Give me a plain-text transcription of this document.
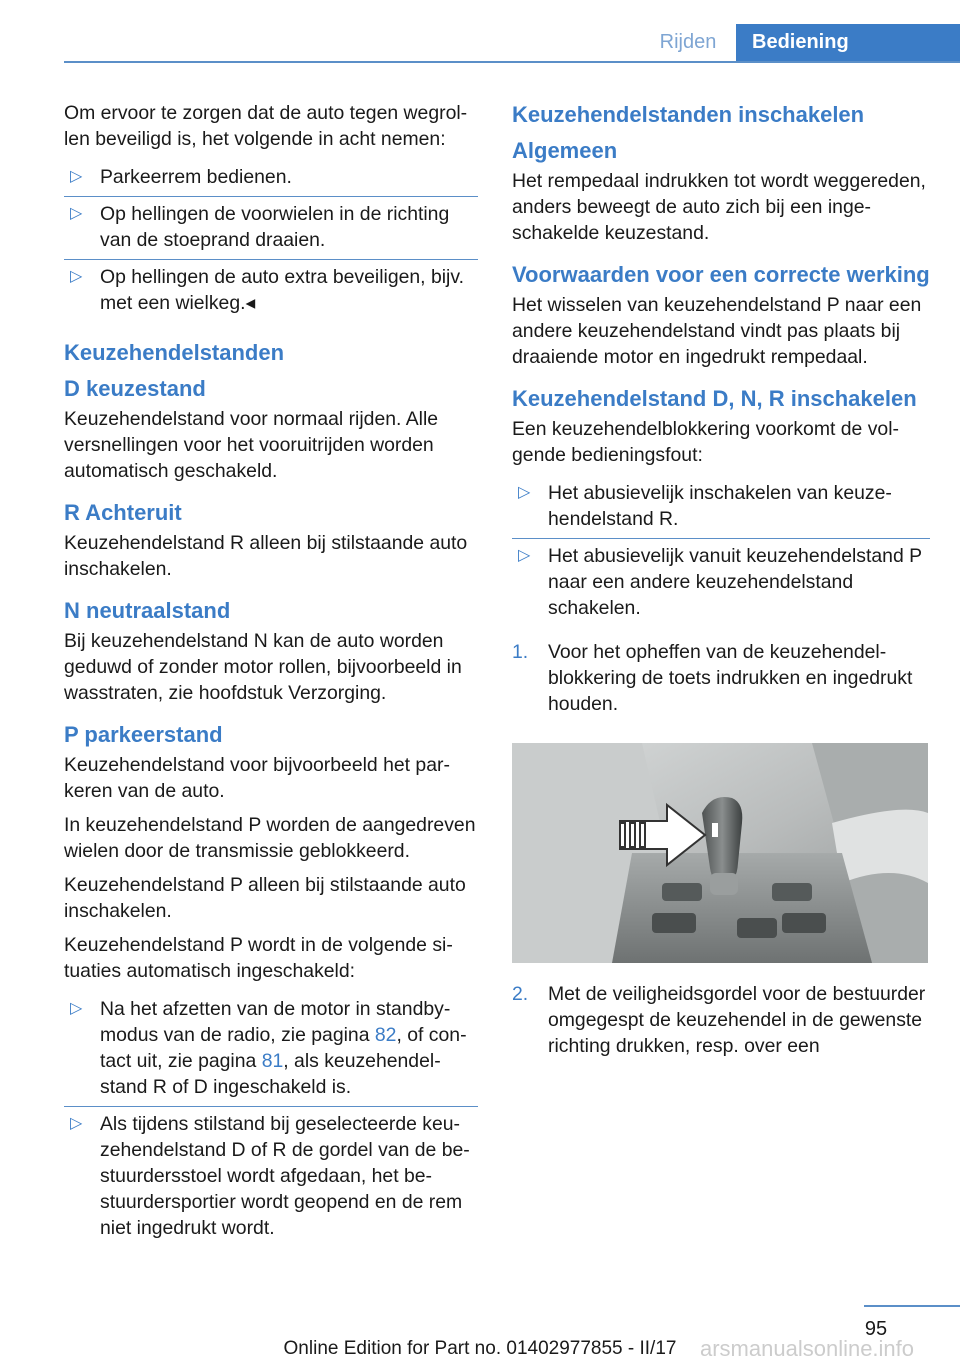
Rijden	Bediening

Om ervoor te zorgen dat de auto tegen wegrollen beveiligd is, het volgende in acht nemen:

▷ Parkeerrem bedienen.
▷ Op hellingen de voorwielen in de richting van de stoeprand draaien.
▷ Op hellingen de auto extra beveiligen, bijv. met een wielkeg.◂
Keuzehendelstanden
D keuzestand

Keuzehendelstand voor normaal rijden. Alle versnellingen voor het vooruitrijden worden automatisch geschakeld.

R Achteruit

Keuzehendelstand R alleen bij stilstaande auto inschakelen.

N neutraalstand

Bij keuzehendelstand N kan de auto worden geduwd of zonder motor rollen, bijvoorbeeld in wasstraten, zie hoofdstuk Verzorging.

P parkeerstand

Keuzehendelstand voor bijvoorbeeld het parkeren van de auto.

In keuzehendelstand P worden de aangedreven wielen door de transmissie geblokkeerd.

Keuzehendelstand P alleen bij stilstaande auto inschakelen.

Keuzehendelstand P wordt in de volgende situaties automatisch ingeschakeld:

▷ Na het afzetten van de motor in standby-modus van de radio, zie pagina 82, of contact uit, zie pagina 81, als keuzehendelstand R of D ingeschakeld is.
▷ Als tijdens stilstand bij geselecteerde keuzehendelstand D of R de gordel van de bestuurdersstoel wordt afgedaan, het bestuurdersportier wordt geopend en de rem niet ingedrukt wordt.
Keuzehendelstanden inschakelen
Algemeen

Het rempedaal indrukken tot wordt weggereden, anders beweegt de auto zich bij een ingeschakelde keuzestand.

Voorwaarden voor een correcte werking

Het wisselen van keuzehendelstand P naar een andere keuzehendelstand vindt pas plaats bij draaiende motor en ingedrukt rempedaal.

Keuzehendelstand D, N, R inschakelen

Een keuzehendelblokkering voorkomt de volgende bedieningsfout:

▷ Het abusievelijk inschakelen van keuzehendelstand R.
▷ Het abusievelijk vanuit keuzehendelstand P naar een andere keuzehendelstand schakelen.
1. Voor het opheffen van de keuzehendelblokkering de toets indrukken en ingedrukt houden.
2. Met de veiligheidsgordel voor de bestuurder omgegespt de keuzehendel in de gewenste richting drukken, resp. over een
95
Online Edition for Part no. 01402977855 - II/17	arsmanualsonline.info
